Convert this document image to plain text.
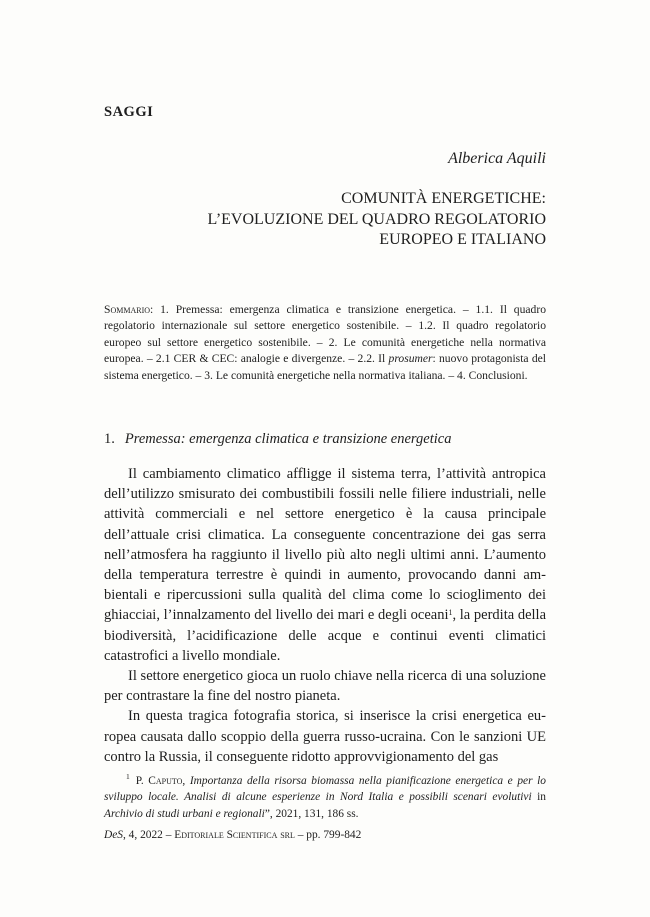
SAGGI
Alberica Aquili
COMUNITÀ ENERGETICHE:
L’EVOLUZIONE DEL QUADRO REGOLATORIO
EUROPEO E ITALIANO
Sommario: 1. Premessa: emergenza climatica e transizione energetica. – 1.1. Il quadro regolatorio internazionale sul settore energetico sostenibile. – 1.2. Il quadro regolatorio europeo sul settore energetico sostenibile. – 2. Le comunità energetiche nella normativa europea. – 2.1 CER & CEC: analogie e divergenze. – 2.2. Il prosumer: nuovo protagonista del sistema energetico. – 3. Le comunità energetiche nella normativa italiana. – 4. Conclusioni.
1. Premessa: emergenza climatica e transizione energetica

Il cambiamento climatico affligge il sistema terra, l’attività antropica dell’utilizzo smisurato dei combustibili fossili nelle filiere industriali, nelle attività commerciali e nel settore energetico è la causa principale dell’attuale crisi climatica. La conseguente concentrazione dei gas serra nell’atmosfera ha raggiunto il livello più alto negli ultimi anni. L’aumento della temperatura terrestre è quindi in aumento, provocando danni ambientali e ripercussioni sulla qualità del clima come lo scioglimento dei ghiacciai, l’innalzamento del livello dei mari e degli oceani$^1$, la perdita della biodiversità, l’acidificazione delle acque e continui eventi climatici catastrofici a livello mondiale.

Il settore energetico gioca un ruolo chiave nella ricerca di una soluzione per contrastare la fine del nostro pianeta.

In questa tragica fotografia storica, si inserisce la crisi energetica europea causata dallo scoppio della guerra russo-ucraina. Con le sanzioni UE contro la Russia, il conseguente ridotto approvvigionamento del gas

$^1$ P. Caputo, Importanza della risorsa biomassa nella pianificazione energetica e per lo sviluppo locale. Analisi di alcune esperienze in Nord Italia e possibili scenari evolutivi in Archivio di studi urbani e regionali”, 2021, 131, 186 ss.
DeS, 4, 2022 – Editoriale Scientifica srl – pp. 799-842
